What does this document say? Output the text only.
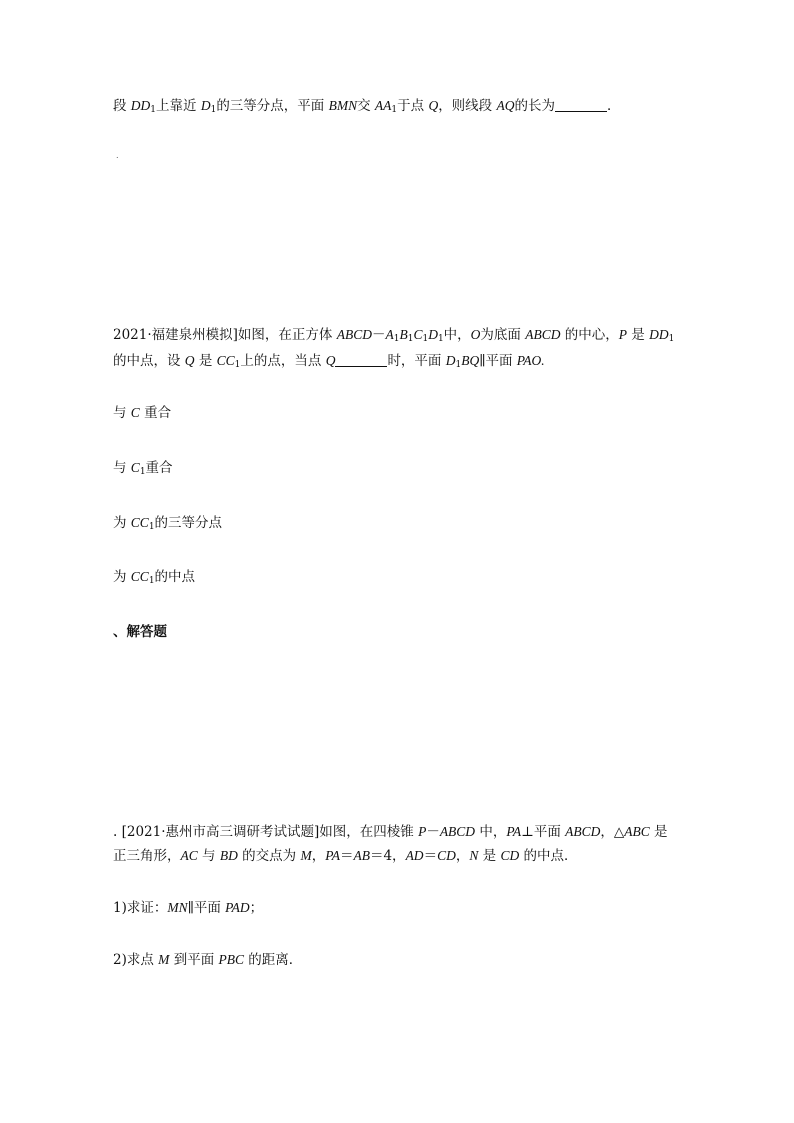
段 $DD_1$上靠近 $D_1$的三等分点，平面 BMN交 $AA_1$于点 Q，则线段 AQ的长为	．
.
2021·福建泉州模拟]如图，在正方体 $ABCD-A_1B_1C_1D_1$中，O为底面 ABCD 的中心，P 是 $DD_1$
的中点，设 Q 是 $CC_1$上的点，当点 Q	时，平面 $D_1BQ\parallel$平面 PAO.
与 C 重合
与 $C_1$重合
为 $CC_1$的三等分点
为 $CC_1$的中点
、解答题
. [2021·惠州市高三调研考试试题]如图，在四棱锥 P－ABCD 中，PA⊥平面 ABCD，△ABC 是
正三角形，AC 与 BD 的交点为 M，PA＝AB＝4，AD＝CD，N 是 CD 的中点．
1)求证：MN∥平面 PAD；
2)求点 M 到平面 PBC 的距离．
